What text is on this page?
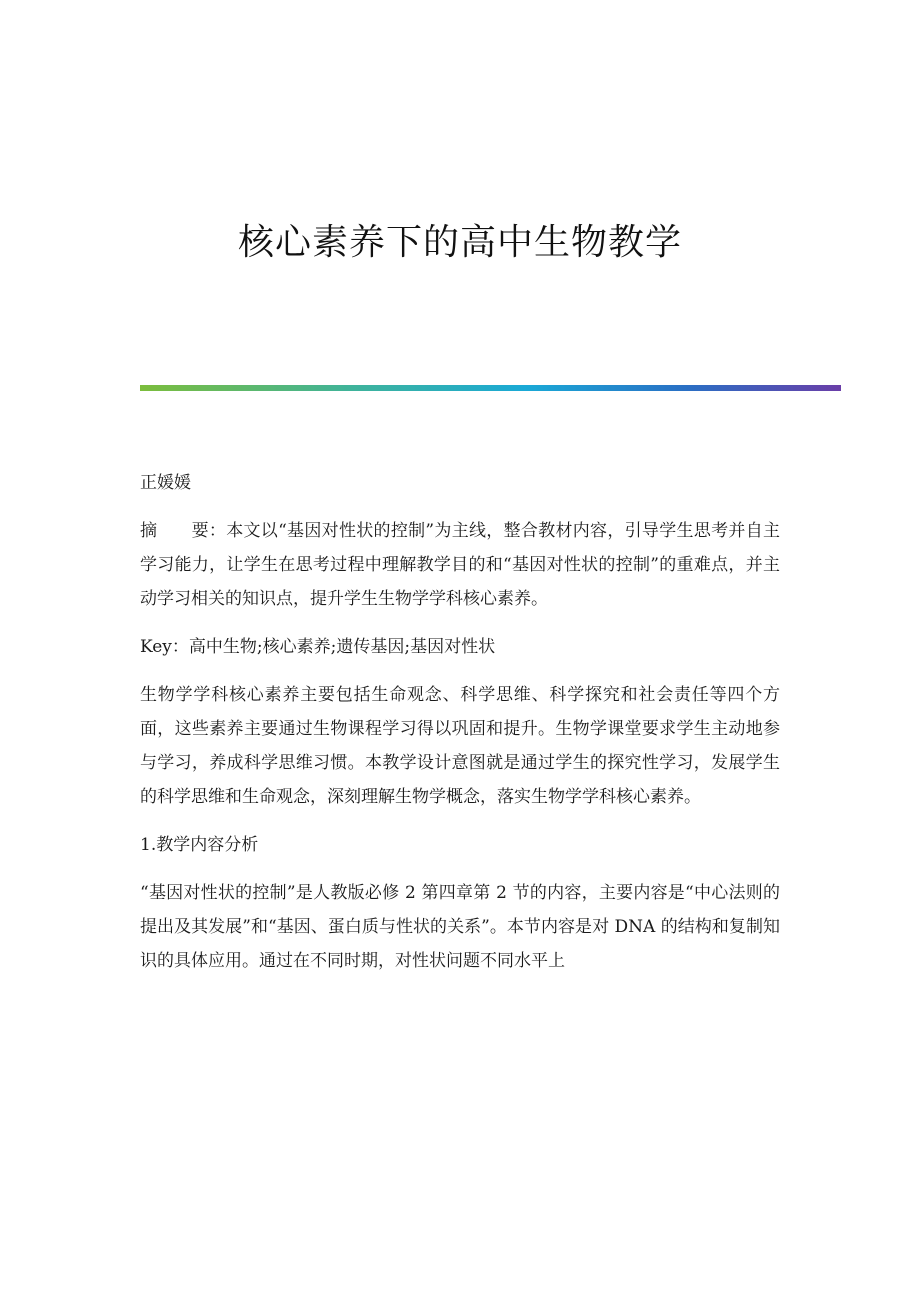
核心素养下的高中生物教学

正媛媛

摘 要：本文以“基因对性状的控制”为主线，整合教材内容，引导学生思考并自主学习能力，让学生在思考过程中理解教学目的和“基因对性状的控制”的重难点，并主动学习相关的知识点，提升学生生物学学科核心素养。

Key：高中生物;核心素养;遗传基因;基因对性状

生物学学科核心素养主要包括生命观念、科学思维、科学探究和社会责任等四个方面，这些素养主要通过生物课程学习得以巩固和提升。生物学课堂要求学生主动地参与学习，养成科学思维习惯。本教学设计意图就是通过学生的探究性学习，发展学生的科学思维和生命观念，深刻理解生物学概念，落实生物学学科核心素养。

1.教学内容分析

“基因对性状的控制”是人教版必修 2 第四章第 2 节的内容，主要内容是“中心法则的提出及其发展”和“基因、蛋白质与性状的关系”。本节内容是对 DNA 的结构和复制知识的具体应用。通过在不同时期，对性状问题不同水平上
